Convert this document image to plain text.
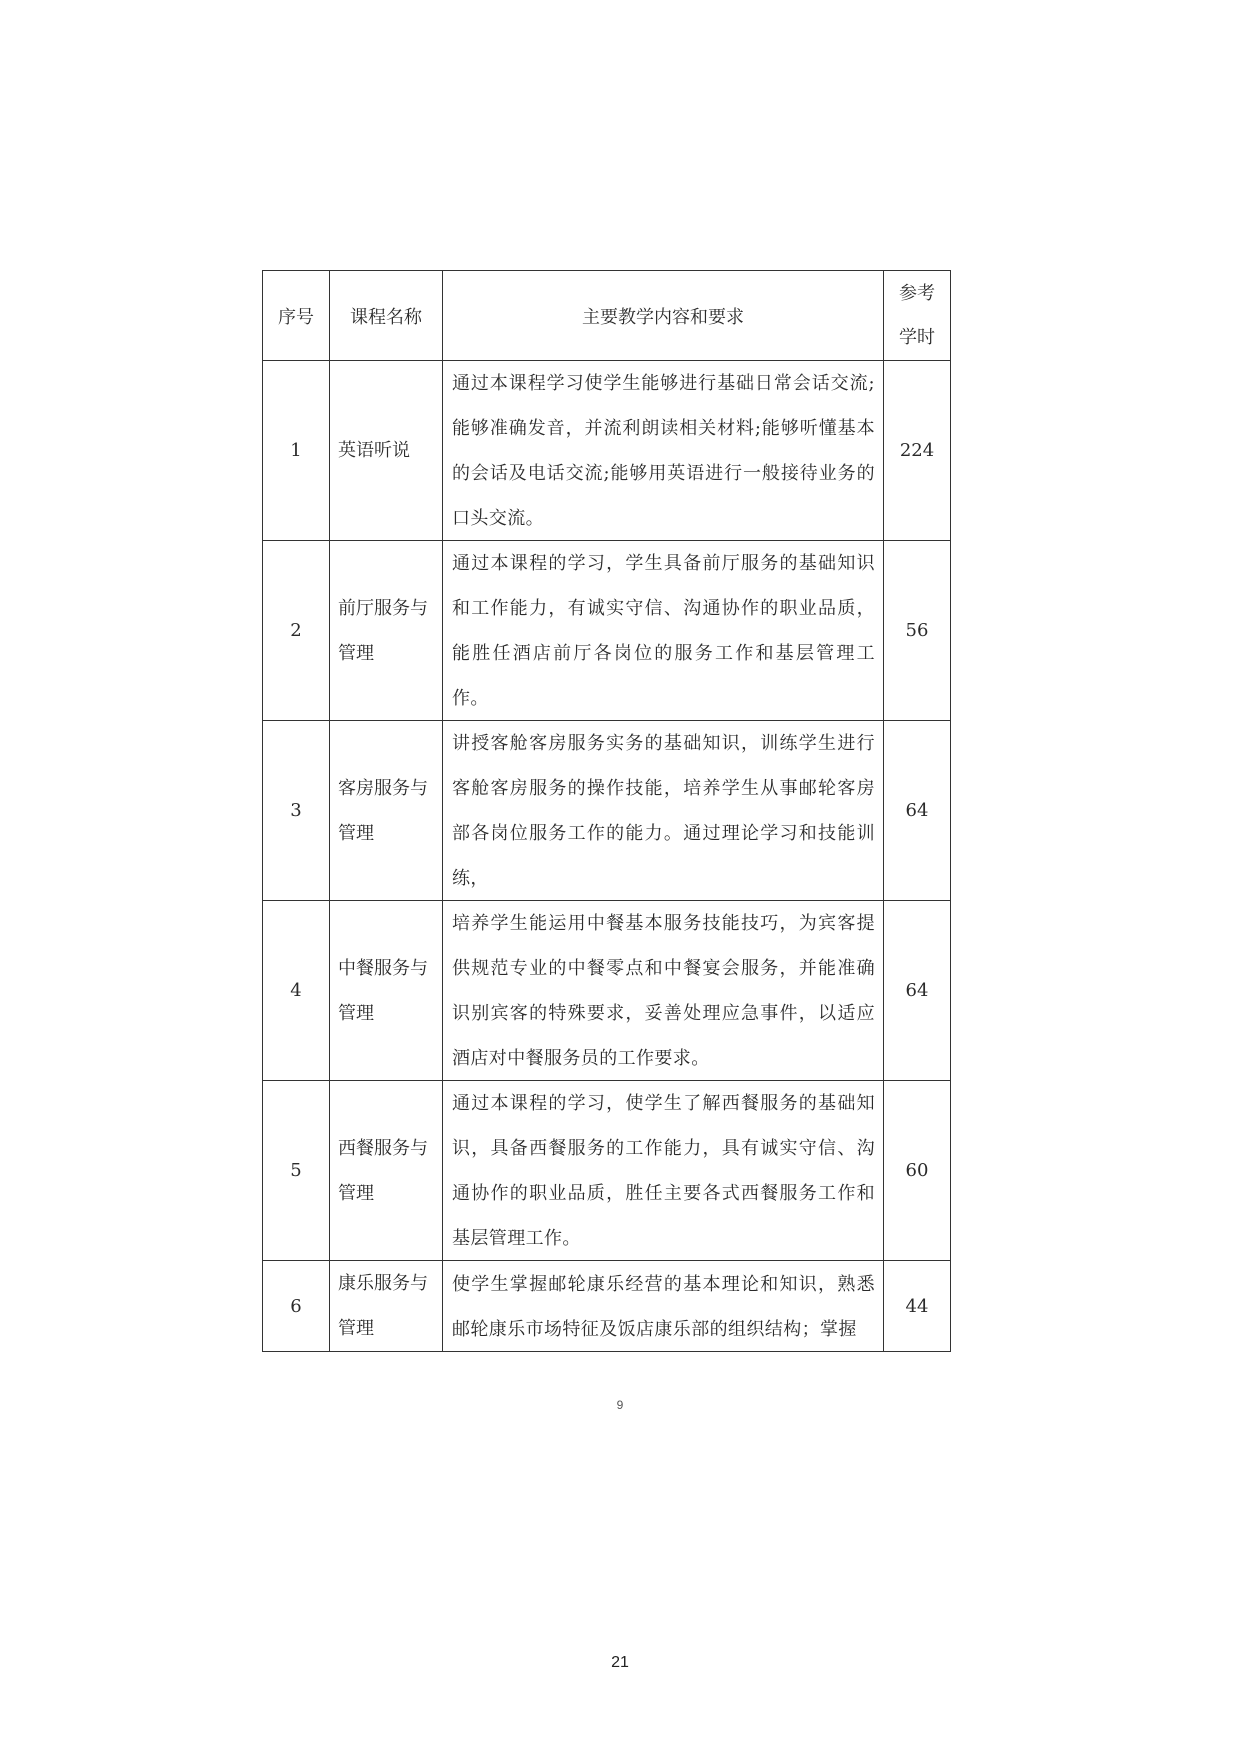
序号	课程名称	主要教学内容和要求	参考
学时

1	英语听说	通过本课程学习使学生能够进行基础日常会话交流;能够准确发音，并流利朗读相关材料;能够听懂基本的会话及电话交流;能够用英语进行一般接待业务的口头交流。	224
2	前厅服务与管理	通过本课程的学习，学生具备前厅服务的基础知识和工作能力，有诚实守信、沟通协作的职业品质，能胜任酒店前厅各岗位的服务工作和基层管理工作。	56
3	客房服务与管理	讲授客舱客房服务实务的基础知识，训练学生进行客舱客房服务的操作技能，培养学生从事邮轮客房部各岗位服务工作的能力。通过理论学习和技能训练，	64
4	中餐服务与管理	培养学生能运用中餐基本服务技能技巧，为宾客提供规范专业的中餐零点和中餐宴会服务，并能准确识别宾客的特殊要求，妥善处理应急事件，以适应酒店对中餐服务员的工作要求。	64
5	西餐服务与管理	通过本课程的学习，使学生了解西餐服务的基础知识，具备西餐服务的工作能力，具有诚实守信、沟通协作的职业品质，胜任主要各式西餐服务工作和基层管理工作。	60
6	康乐服务与管理	使学生掌握邮轮康乐经营的基本理论和知识，熟悉邮轮康乐市场特征及饭店康乐部的组织结构；掌握	44
9
21
